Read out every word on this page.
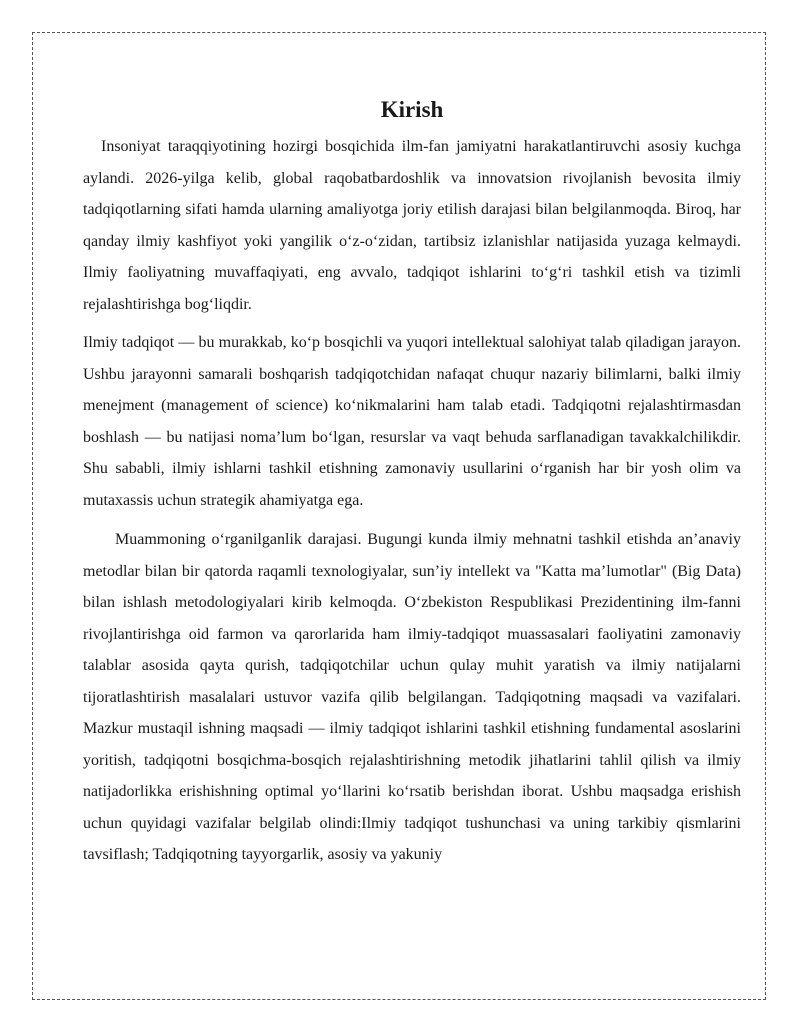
Kirish

Insoniyat taraqqiyotining hozirgi bosqichida ilm-fan jamiyatni harakatlantiruvchi asosiy kuchga aylandi. 2026-yilga kelib, global raqobatbardoshlik va innovatsion rivojlanish bevosita ilmiy tadqiqotlarning sifati hamda ularning amaliyotga joriy etilish darajasi bilan belgilanmoqda. Biroq, har qanday ilmiy kashfiyot yoki yangilik oʻz-oʻzidan, tartibsiz izlanishlar natijasida yuzaga kelmaydi. Ilmiy faoliyatning muvaffaqiyati, eng avvalo, tadqiqot ishlarini toʻgʻri tashkil etish va tizimli rejalashtirishga bogʻliqdir.

Ilmiy tadqiqot — bu murakkab, koʻp bosqichli va yuqori intellektual salohiyat talab qiladigan jarayon. Ushbu jarayonni samarali boshqarish tadqiqotchidan nafaqat chuqur nazariy bilimlarni, balki ilmiy menejment (management of science) koʻnikmalarini ham talab etadi. Tadqiqotni rejalashtirmasdan boshlash — bu natijasi nomaʼlum boʻlgan, resurslar va vaqt behuda sarflanadigan tavakkalchilikdir. Shu sababli, ilmiy ishlarni tashkil etishning zamonaviy usullarini oʻrganish har bir yosh olim va mutaxassis uchun strategik ahamiyatga ega.

Muammoning oʻrganilganlik darajasi. Bugungi kunda ilmiy mehnatni tashkil etishda anʼanaviy metodlar bilan bir qatorda raqamli texnologiyalar, sunʼiy intellekt va "Katta maʼlumotlar" (Big Data) bilan ishlash metodologiyalari kirib kelmoqda. Oʻzbekiston Respublikasi Prezidentining ilm-fanni rivojlantirishga oid farmon va qarorlarida ham ilmiy-tadqiqot muassasalari faoliyatini zamonaviy talablar asosida qayta qurish, tadqiqotchilar uchun qulay muhit yaratish va ilmiy natijalarni tijoratlashtirish masalalari ustuvor vazifa qilib belgilangan. Tadqiqotning maqsadi va vazifalari. Mazkur mustaqil ishning maqsadi — ilmiy tadqiqot ishlarini tashkil etishning fundamental asoslarini yoritish, tadqiqotni bosqichma-bosqich rejalashtirishning metodik jihatlarini tahlil qilish va ilmiy natijadorlikka erishishning optimal yoʻllarini koʻrsatib berishdan iborat. Ushbu maqsadga erishish uchun quyidagi vazifalar belgilab olindi:Ilmiy tadqiqot tushunchasi va uning tarkibiy qismlarini tavsiflash; Tadqiqotning tayyorgarlik, asosiy va yakuniy
